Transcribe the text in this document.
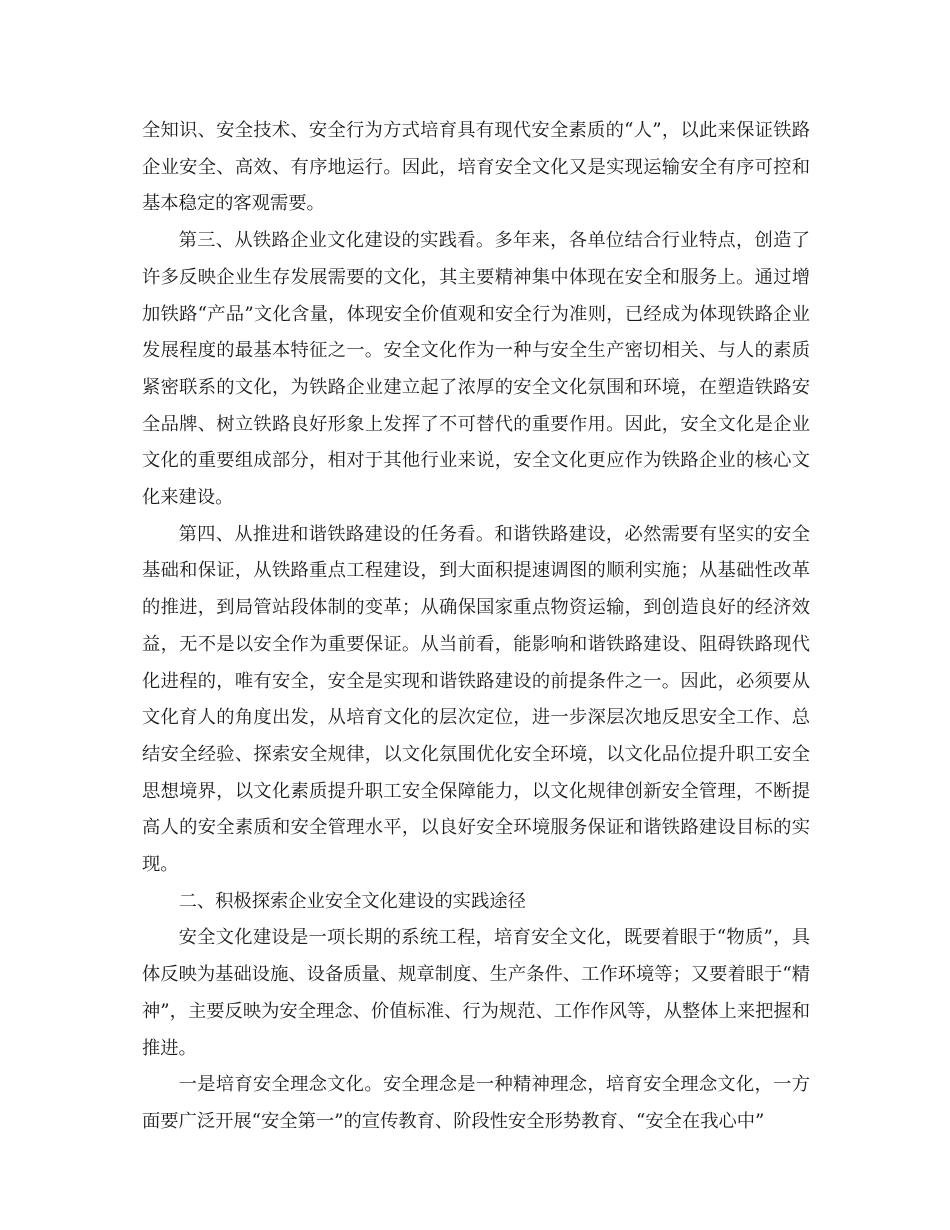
全知识、安全技术、安全行为方式培育具有现代安全素质的“人”，以此来保证铁路企业安全、高效、有序地运行。因此，培育安全文化又是实现运输安全有序可控和基本稳定的客观需要。

第三、从铁路企业文化建设的实践看。多年来，各单位结合行业特点，创造了许多反映企业生存发展需要的文化，其主要精神集中体现在安全和服务上。通过增加铁路“产品”文化含量，体现安全价值观和安全行为准则，已经成为体现铁路企业发展程度的最基本特征之一。安全文化作为一种与安全生产密切相关、与人的素质紧密联系的文化，为铁路企业建立起了浓厚的安全文化氛围和环境，在塑造铁路安全品牌、树立铁路良好形象上发挥了不可替代的重要作用。因此，安全文化是企业文化的重要组成部分，相对于其他行业来说，安全文化更应作为铁路企业的核心文化来建设。

第四、从推进和谐铁路建设的任务看。和谐铁路建设，必然需要有坚实的安全基础和保证，从铁路重点工程建设，到大面积提速调图的顺利实施；从基础性改革的推进，到局管站段体制的变革；从确保国家重点物资运输，到创造良好的经济效益，无不是以安全作为重要保证。从当前看，能影响和谐铁路建设、阻碍铁路现代化进程的，唯有安全，安全是实现和谐铁路建设的前提条件之一。因此，必须要从文化育人的角度出发，从培育文化的层次定位，进一步深层次地反思安全工作、总结安全经验、探索安全规律，以文化氛围优化安全环境，以文化品位提升职工安全思想境界，以文化素质提升职工安全保障能力，以文化规律创新安全管理，不断提高人的安全素质和安全管理水平，以良好安全环境服务保证和谐铁路建设目标的实现。

二、积极探索企业安全文化建设的实践途径

安全文化建设是一项长期的系统工程，培育安全文化，既要着眼于“物质”，具体反映为基础设施、设备质量、规章制度、生产条件、工作环境等；又要着眼于“精神”，主要反映为安全理念、价值标准、行为规范、工作作风等，从整体上来把握和推进。

一是培育安全理念文化。安全理念是一种精神理念，培育安全理念文化，一方面要广泛开展“安全第一”的宣传教育、阶段性安全形势教育、“安全在我心中”
